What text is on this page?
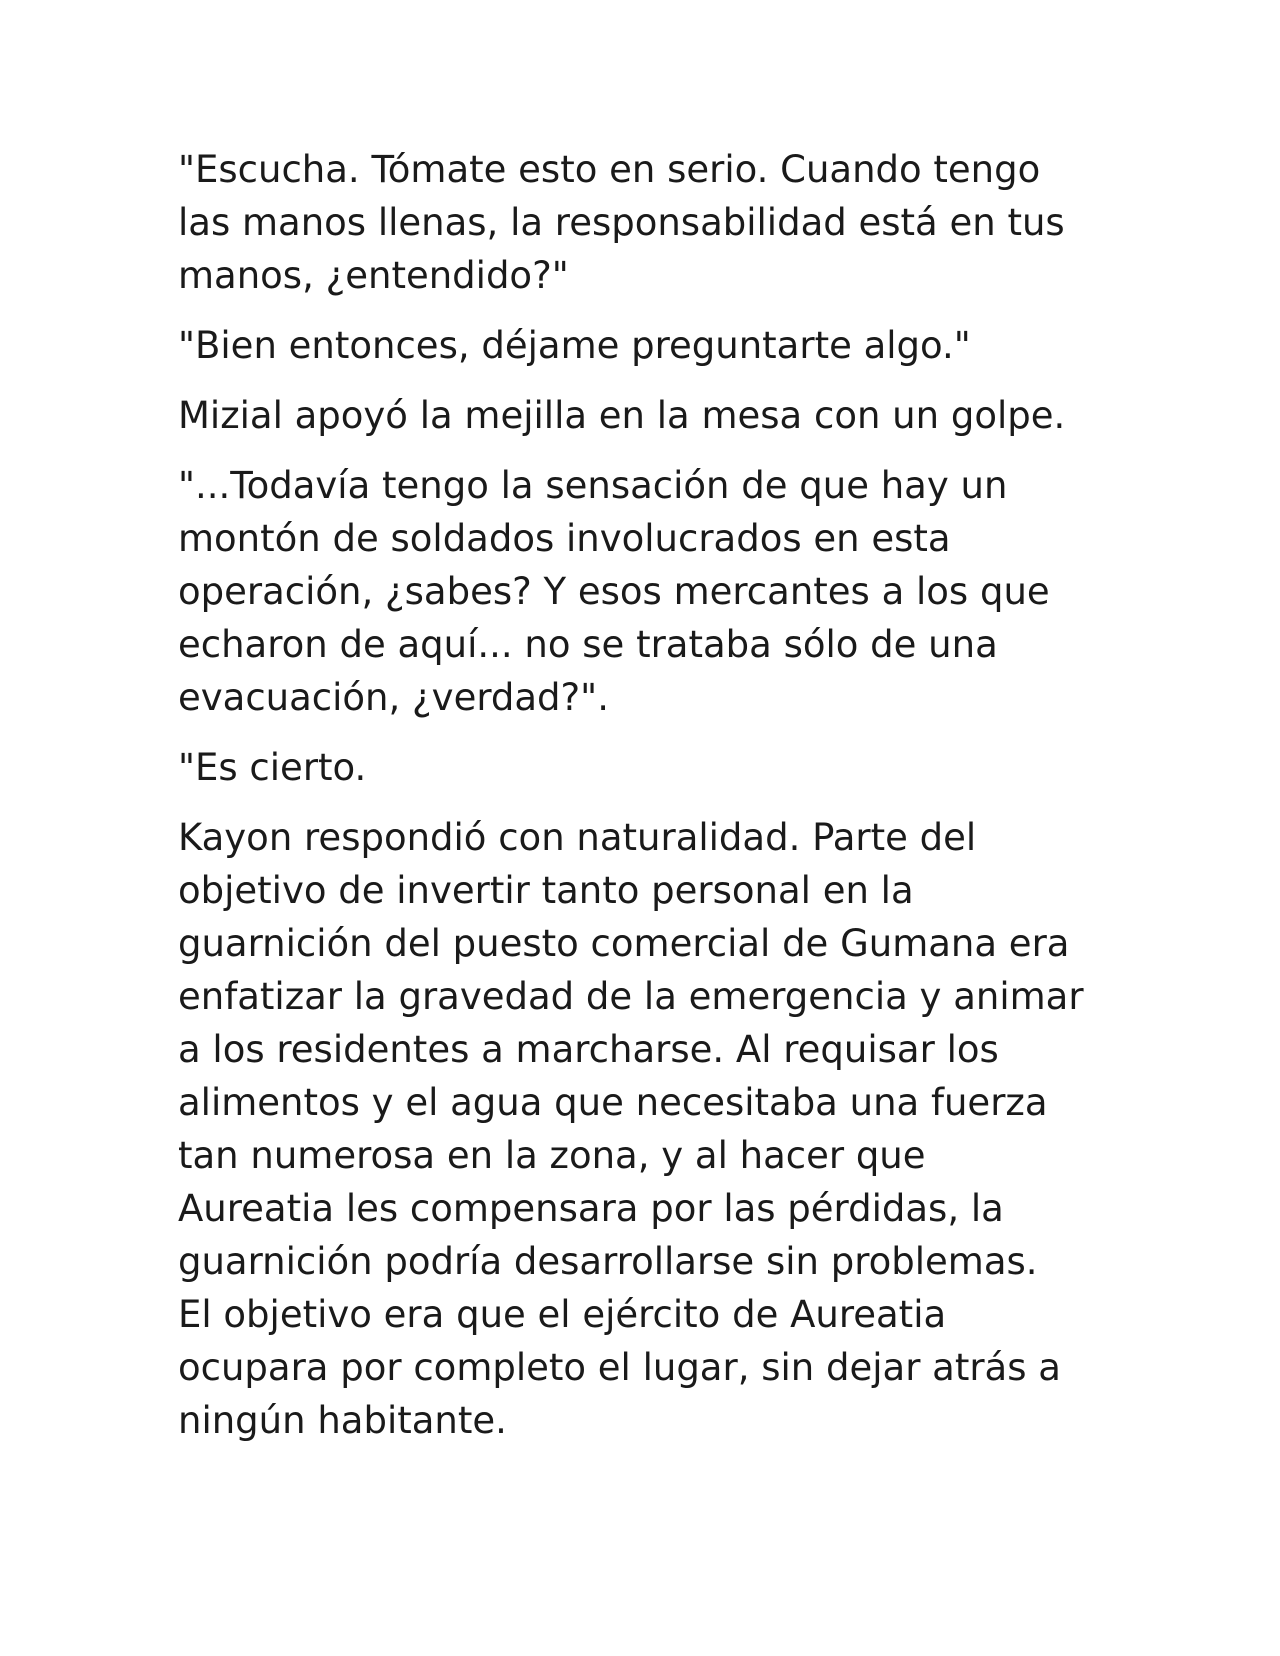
"Escucha. Tómate esto en serio. Cuando tengo
las manos llenas, la responsabilidad está en tus
manos, ¿entendido?"

"Bien entonces, déjame preguntarte algo."

Mizial apoyó la mejilla en la mesa con un golpe.

"...Todavía tengo la sensación de que hay un
montón de soldados involucrados en esta
operación, ¿sabes? Y esos mercantes a los que
echaron de aquí... no se trataba sólo de una
evacuación, ¿verdad?".

"Es cierto.

Kayon respondió con naturalidad. Parte del
objetivo de invertir tanto personal en la
guarnición del puesto comercial de Gumana era
enfatizar la gravedad de la emergencia y animar
a los residentes a marcharse. Al requisar los
alimentos y el agua que necesitaba una fuerza
tan numerosa en la zona, y al hacer que
Aureatia les compensara por las pérdidas, la
guarnición podría desarrollarse sin problemas.
El objetivo era que el ejército de Aureatia
ocupara por completo el lugar, sin dejar atrás a
ningún habitante.
